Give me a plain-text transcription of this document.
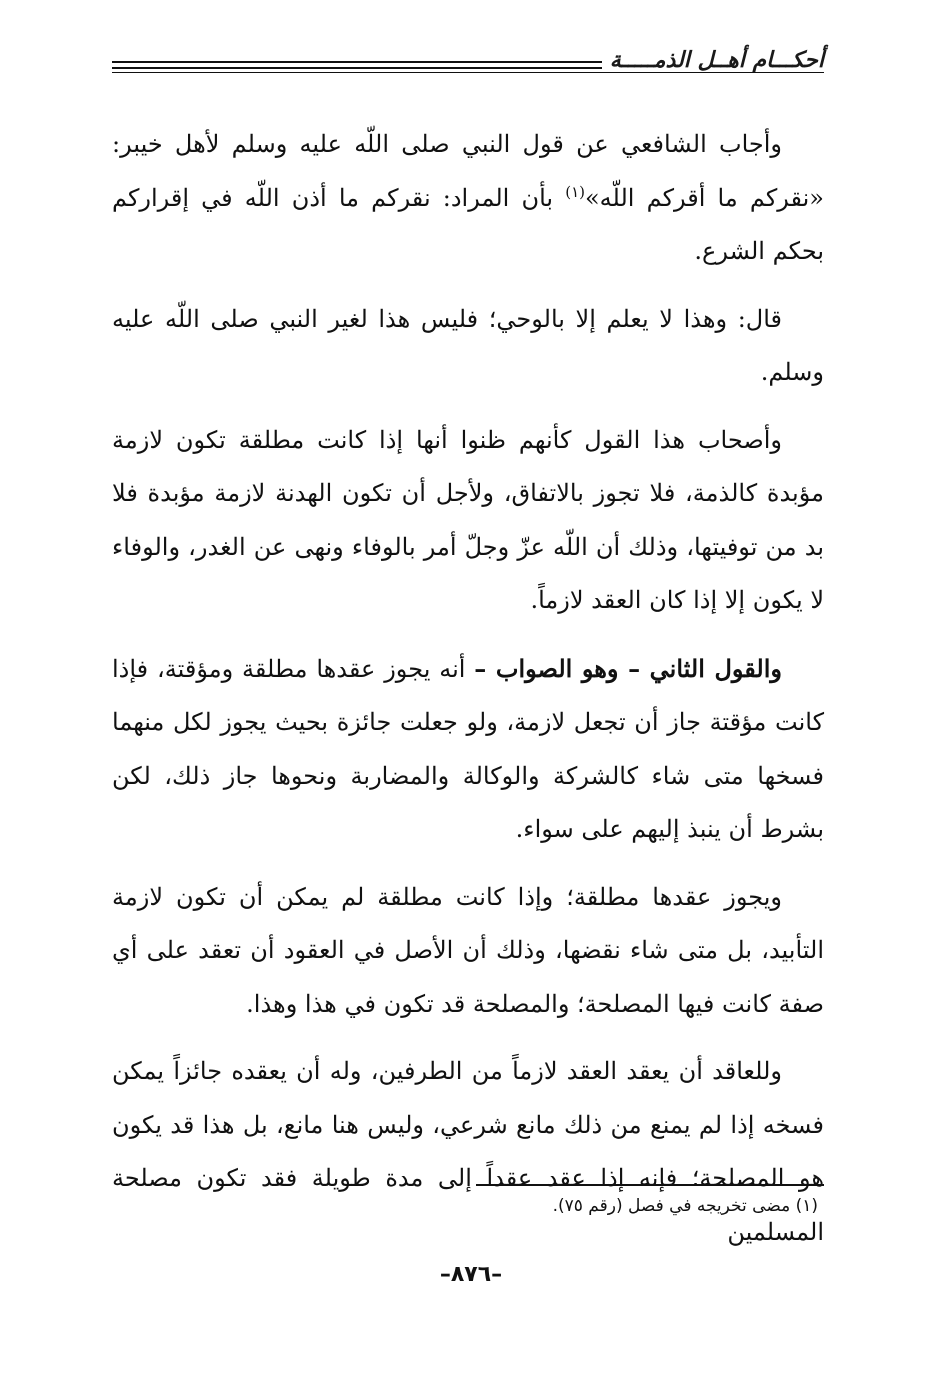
أحكـــام أهــل الذمـــــة

وأجاب الشافعي عن قول النبي صلى اللّه عليه وسلم لأهل خيبر: «نقركم ما أقركم اللّه»$^{(١)}$ بأن المراد: نقركم ما أذن اللّه في إقراركم بحكم الشرع.

قال: وهذا لا يعلم إلا بالوحي؛ فليس هذا لغير النبي صلى اللّه عليه وسلم.

وأصحاب هذا القول كأنهم ظنوا أنها إذا كانت مطلقة تكون لازمة مؤبدة كالذمة، فلا تجوز بالاتفاق، ولأجل أن تكون الهدنة لازمة مؤبدة فلا بد من توفيتها، وذلك أن اللّه عزّ وجلّ أمر بالوفاء ونهى عن الغدر، والوفاء لا يكون إلا إذا كان العقد لازماً.

والقول الثاني – وهو الصواب – أنه يجوز عقدها مطلقة ومؤقتة، فإذا كانت مؤقتة جاز أن تجعل لازمة، ولو جعلت جائزة بحيث يجوز لكل منهما فسخها متى شاء كالشركة والوكالة والمضاربة ونحوها جاز ذلك، لكن بشرط أن ينبذ إليهم على سواء.

ويجوز عقدها مطلقة؛ وإذا كانت مطلقة لم يمكن أن تكون لازمة التأبيد، بل متى شاء نقضها، وذلك أن الأصل في العقود أن تعقد على أي صفة كانت فيها المصلحة؛ والمصلحة قد تكون في هذا وهذا.

وللعاقد أن يعقد العقد لازماً من الطرفين، وله أن يعقده جائزاً يمكن فسخه إذا لم يمنع من ذلك مانع شرعي، وليس هنا مانع، بل هذا قد يكون هو المصلحة؛ فإنه إذا عقد عقداً إلى مدة طويلة فقد تكون مصلحة المسلمين

(١) مضى تخريجه في فصل (رقم ٧٥).
–٨٧٦–
